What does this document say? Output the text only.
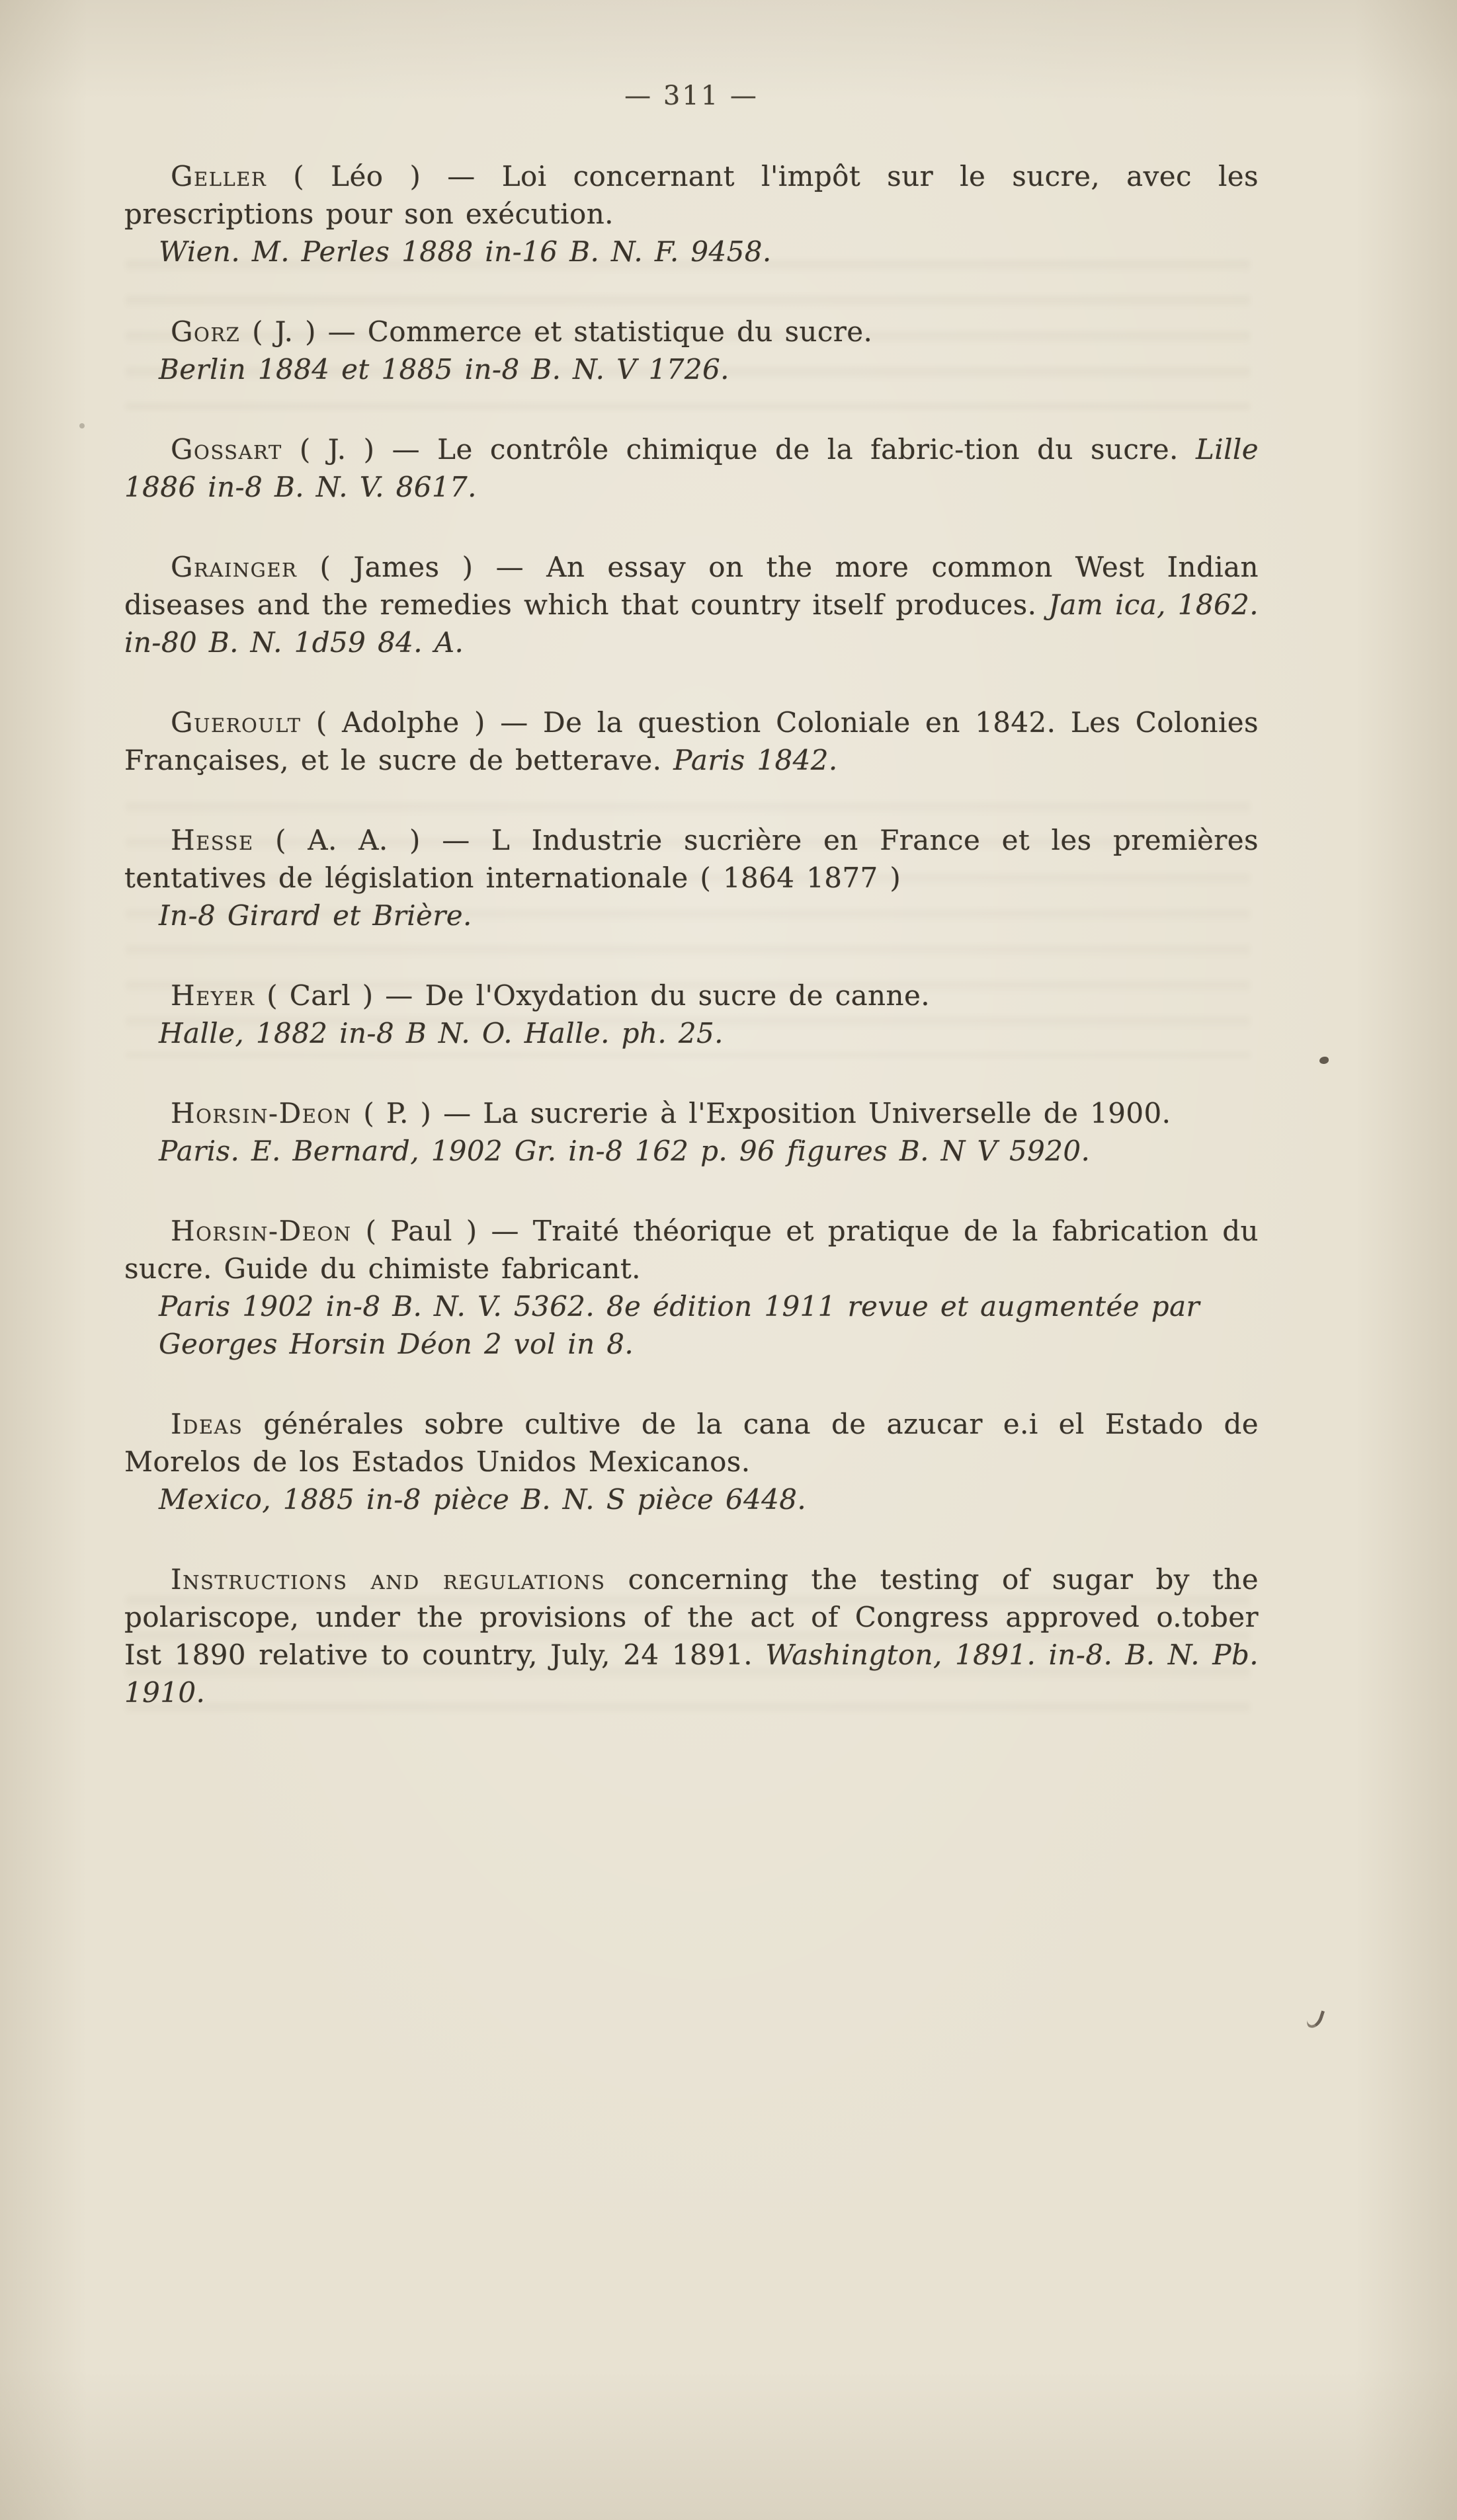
— 311 —

Geller ( Léo ) — Loi concernant l'impôt sur le sucre, avec les prescriptions pour son exécution.

Wien. M. Perles 1888 in-16 B. N. F. 9458.

Gorz ( J. ) — Commerce et statistique du sucre.

Berlin 1884 et 1885 in-8 B. N. V 1726.

Gossart ( J. ) — Le contrôle chimique de la fabric-tion du sucre. Lille 1886 in-8 B. N. V. 8617.

Grainger ( James ) — An essay on the more common West Indian diseases and the remedies which that country itself produces. Jam ica, 1862. in-80 B. N. 1d59 84. A.

Gueroult ( Adolphe ) — De la question Coloniale en 1842. Les Colonies Françaises, et le sucre de betterave. Paris 1842.

Hesse ( A. A. ) — L Industrie sucrière en France et les premières tentatives de législation internationale ( 1864 1877 )

In-8 Girard et Brière.

Heyer ( Carl ) — De l'Oxydation du sucre de canne.

Halle, 1882 in-8 B N. O. Halle. ph. 25.

Horsin-Deon ( P. ) — La sucrerie à l'Exposition Universelle de 1900.

Paris. E. Bernard, 1902 Gr. in-8 162 p. 96 figures B. N V 5920.

Horsin-Deon ( Paul ) — Traité théorique et pratique de la fabrication du sucre. Guide du chimiste fabricant.

Paris 1902 in-8 B. N. V. 5362. 8e édition 1911 revue et augmentée par Georges Horsin Déon 2 vol in 8.

Ideas générales sobre cultive de la cana de azucar e.i el Estado de Morelos de los Estados Unidos Mexicanos.

Mexico, 1885 in-8 pièce B. N. S pièce 6448.

Instructions and regulations concerning the testing of sugar by the polariscope, under the provisions of the act of Congress approved o.tober Ist 1890 relative to country, July, 24 1891. Washington, 1891. in-8. B. N. Pb. 1910.
